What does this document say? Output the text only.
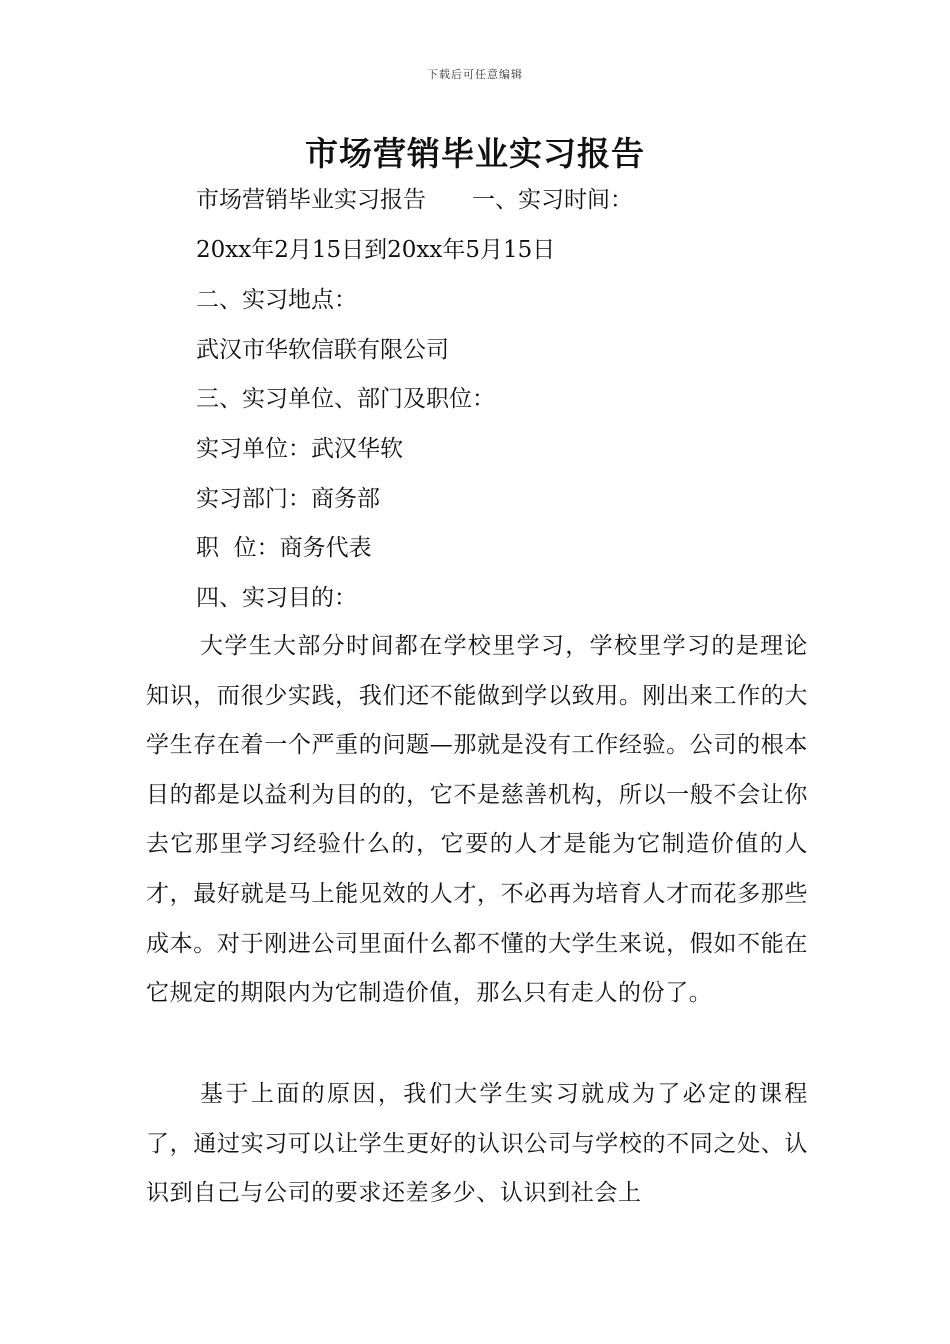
下载后可任意编辑
市场营销毕业实习报告
市场营销毕业实习报告　　一、实习时间：
20xx年2月15日到20xx年5月15日
二、实习地点：
武汉市华软信联有限公司
三、实习单位、部门及职位：
实习单位：武汉华软
实习部门：商务部
职  位：商务代表
四、实习目的：
大学生大部分时间都在学校里学习，学校里学习的是理论知识，而很少实践，我们还不能做到学以致用。刚出来工作的大学生存在着一个严重的问题—那就是没有工作经验。公司的根本目的都是以益利为目的的，它不是慈善机构，所以一般不会让你去它那里学习经验什么的，它要的人才是能为它制造价值的人才，最好就是马上能见效的人才，不必再为培育人才而花多那些成本。对于刚进公司里面什么都不懂的大学生来说，假如不能在它规定的期限内为它制造价值，那么只有走人的份了。
基于上面的原因，我们大学生实习就成为了必定的课程了，通过实习可以让学生更好的认识公司与学校的不同之处、认识到自己与公司的要求还差多少、认识到社会上
